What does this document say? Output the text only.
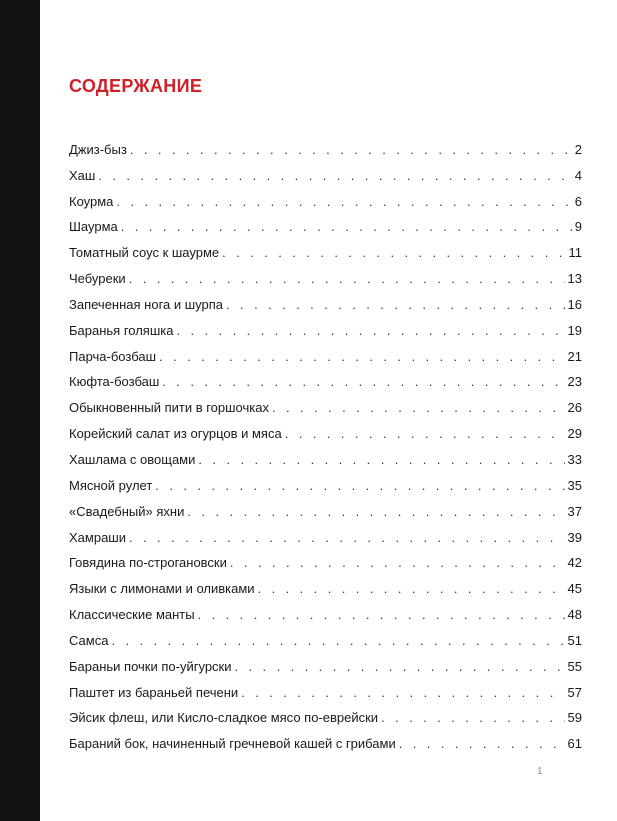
СОДЕРЖАНИЕ
Джиз-быз . . .	2
Хаш . . .	4
Коурма . . .	6
Шаурма . . .	9
Томатный соус к шаурме . . .	11
Чебуреки . . .	13
Запеченная нога и шурпа . . .	16
Баранья голяшка . . .	19
Парча-бозбаш . . .	21
Кюфта-бозбаш . . .	23
Обыкновенный пити в горшочках . . .	26
Корейский салат из огурцов и мяса . . .	29
Хашлама с овощами . . .	33
Мясной рулет . . .	35
«Свадебный» яхни . . .	37
Хамраши . . .	39
Говядина по-строгановски . . .	42
Языки с лимонами и оливками . . .	45
Классические манты . . .	48
Самса . . .	51
Бараньи почки по-уйгурски . . .	55
Паштет из бараньей печени . . .	57
Эйсик флеш, или Кисло-сладкое мясо по-еврейски . . .	59
Бараний бок, начиненный гречневой кашей с грибами . . .	61
1
